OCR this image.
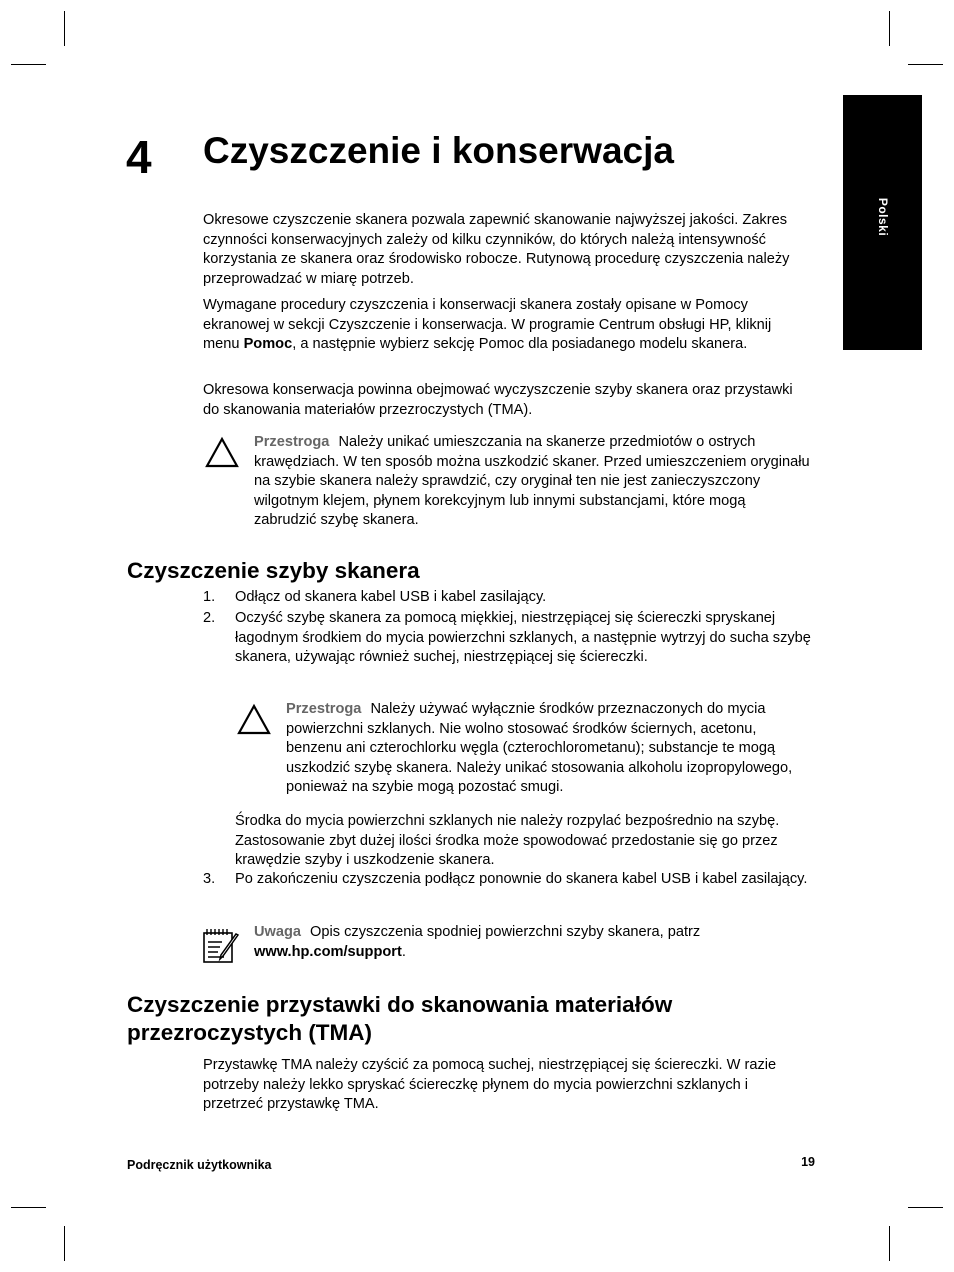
Polski
4 Czyszczenie i konserwacja

Okresowe czyszczenie skanera pozwala zapewnić skanowanie najwyższej jakości. Zakres czynności konserwacyjnych zależy od kilku czynników, do których należą intensywność korzystania ze skanera oraz środowisko robocze. Rutynową procedurę czyszczenia należy przeprowadzać w miarę potrzeb.

Wymagane procedury czyszczenia i konserwacji skanera zostały opisane w Pomocy ekranowej w sekcji Czyszczenie i konserwacja. W programie Centrum obsługi HP, kliknij menu Pomoc, a następnie wybierz sekcję Pomoc dla posiadanego modelu skanera.

Okresowa konserwacja powinna obejmować wyczyszczenie szyby skanera oraz przystawki do skanowania materiałów przezroczystych (TMA).

Przestroga Należy unikać umieszczania na skanerze przedmiotów o ostrych krawędziach. W ten sposób można uszkodzić skaner. Przed umieszczeniem oryginału na szybie skanera należy sprawdzić, czy oryginał ten nie jest zanieczyszczony wilgotnym klejem, płynem korekcyjnym lub innymi substancjami, które mogą zabrudzić szybę skanera.
Czyszczenie szyby skanera
1.	Odłącz od skanera kabel USB i kabel zasilający.
2.	Oczyść szybę skanera za pomocą miękkiej, niestrzępiącej się ściereczki spryskanej łagodnym środkiem do mycia powierzchni szklanych, a następnie wytrzyj do sucha szybę skanera, używając również suchej, niestrzępiącej się ściereczki.
Przestroga Należy używać wyłącznie środków przeznaczonych do mycia powierzchni szklanych. Nie wolno stosować środków ściernych, acetonu, benzenu ani czterochlorku węgla (czterochlorometanu); substancje te mogą uszkodzić szybę skanera. Należy unikać stosowania alkoholu izopropylowego, ponieważ na szybie mogą pozostać smugi.

Środka do mycia powierzchni szklanych nie należy rozpylać bezpośrednio na szybę. Zastosowanie zbyt dużej ilości środka może spowodować przedostanie się go przez krawędzie szyby i uszkodzenie skanera.

3.	Po zakończeniu czyszczenia podłącz ponownie do skanera kabel USB i kabel zasilający.
Uwaga Opis czyszczenia spodniej powierzchni szyby skanera, patrz www.hp.com/support.
Czyszczenie przystawki do skanowania materiałów przezroczystych (TMA)

Przystawkę TMA należy czyścić za pomocą suchej, niestrzępiącej się ściereczki. W razie potrzeby należy lekko spryskać ściereczkę płynem do mycia powierzchni szklanych i przetrzeć przystawkę TMA.

Podręcznik użytkownika	19
